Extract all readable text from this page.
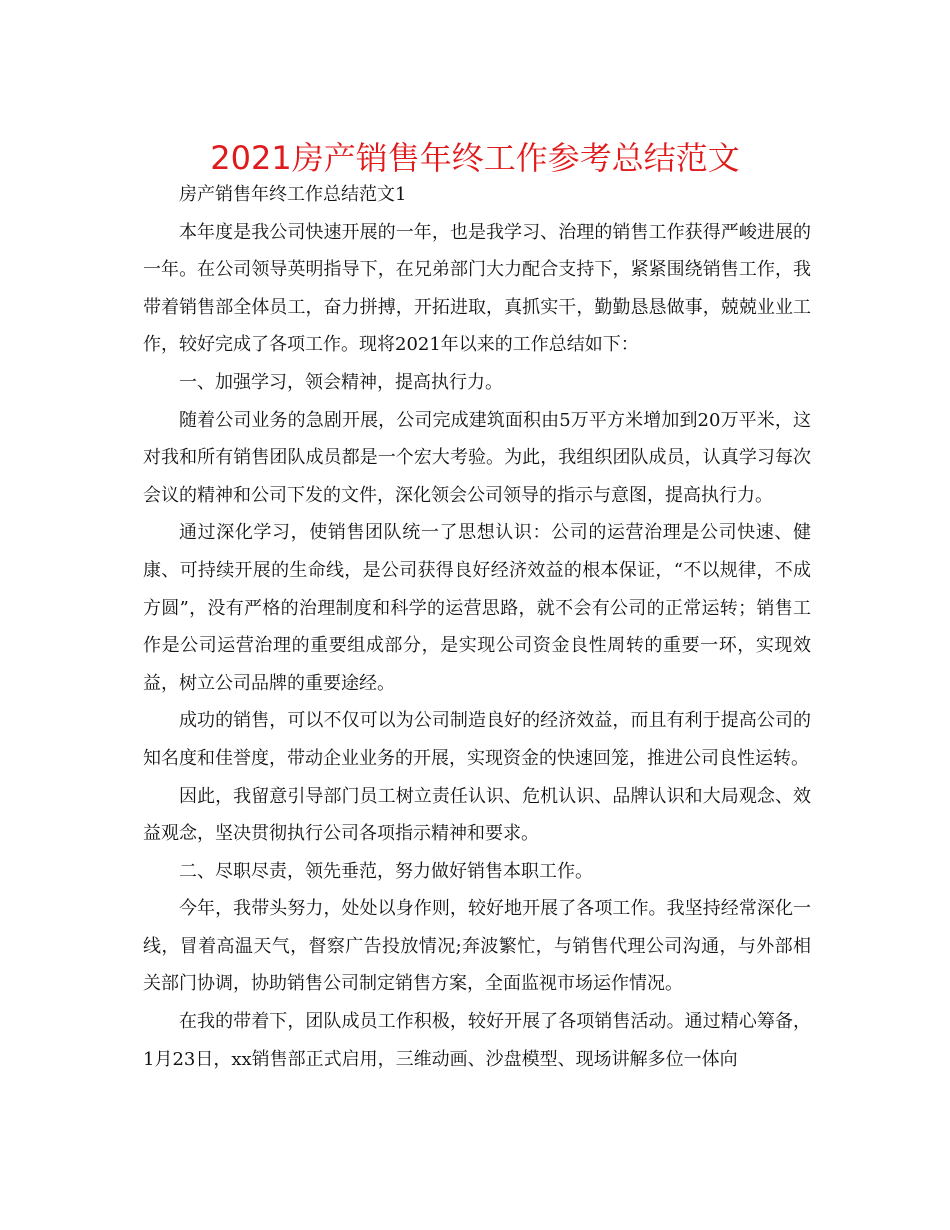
2021房产销售年终工作参考总结范文

房产销售年终工作总结范文1

本年度是我公司快速开展的一年，也是我学习、治理的销售工作获得严峻进展的一年。在公司领导英明指导下，在兄弟部门大力配合支持下，紧紧围绕销售工作，我带着销售部全体员工，奋力拼搏，开拓进取，真抓实干，勤勤恳恳做事，兢兢业业工作，较好完成了各项工作。现将2021年以来的工作总结如下：

一、加强学习，领会精神，提高执行力。

随着公司业务的急剧开展，公司完成建筑面积由5万平方米增加到20万平米，这对我和所有销售团队成员都是一个宏大考验。为此，我组织团队成员，认真学习每次会议的精神和公司下发的文件，深化领会公司领导的指示与意图，提高执行力。

通过深化学习，使销售团队统一了思想认识：公司的运营治理是公司快速、健康、可持续开展的生命线，是公司获得良好经济效益的根本保证，“不以规律，不成方圆”，没有严格的治理制度和科学的运营思路，就不会有公司的正常运转；销售工作是公司运营治理的重要组成部分，是实现公司资金良性周转的重要一环，实现效益，树立公司品牌的重要途经。

成功的销售，可以不仅可以为公司制造良好的经济效益，而且有利于提高公司的知名度和佳誉度，带动企业业务的开展，实现资金的快速回笼，推进公司良性运转。

因此，我留意引导部门员工树立责任认识、危机认识、品牌认识和大局观念、效益观念，坚决贯彻执行公司各项指示精神和要求。

二、尽职尽责，领先垂范，努力做好销售本职工作。

今年，我带头努力，处处以身作则，较好地开展了各项工作。我坚持经常深化一线，冒着高温天气，督察广告投放情况;奔波繁忙，与销售代理公司沟通，与外部相关部门协调，协助销售公司制定销售方案，全面监视市场运作情况。

在我的带着下，团队成员工作积极，较好开展了各项销售活动。通过精心筹备，1月23日，xx销售部正式启用，三维动画、沙盘模型、现场讲解多位一体向
